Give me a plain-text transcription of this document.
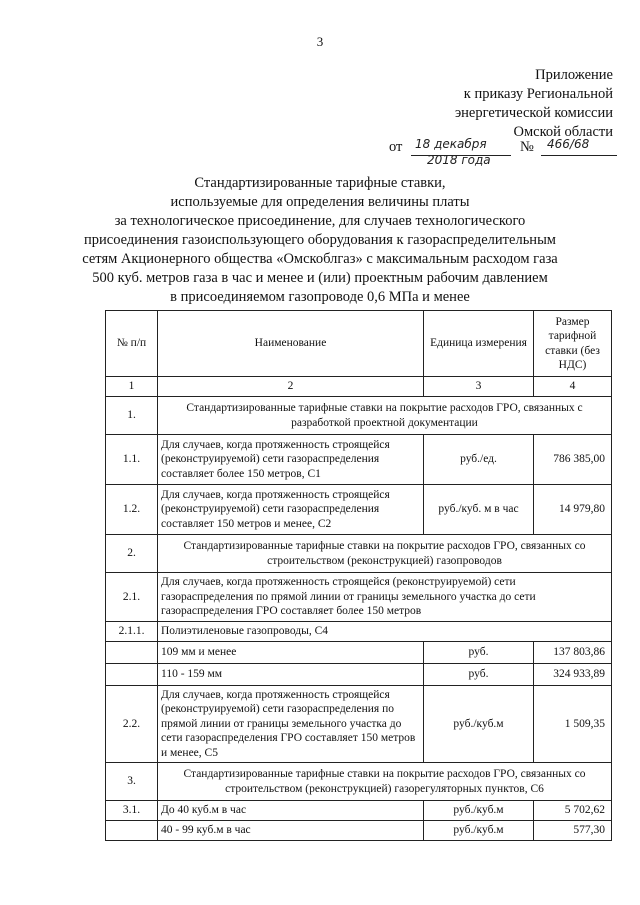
3
Приложение
к приказу Региональной
энергетической комиссии
Омской области
от 18 декабря
2018 года
№ 466/68
Стандартизированные тарифные ставки,
используемые для определения величины платы
за технологическое присоединение, для случаев технологического
присоединения газоиспользующего оборудования к газораспределительным
сетям Акционерного общества «Омскоблгаз» с максимальным расходом газа
500 куб. метров газа в час и менее и (или) проектным рабочим давлением
в присоединяемом газопроводе 0,6 МПа и менее
№ п/п	Наименование	Единица измерения	Размер тарифной ставки (без НДС)
1	2	3	4
1.	Стандартизированные тарифные ставки на покрытие расходов ГРО, связанных с разработкой проектной документации		
1.1.	Для случаев, когда протяженность строящейся (реконструируемой) сети газораспределения составляет более 150 метров, С1	руб./ед.	786 385,00
1.2.	Для случаев, когда протяженность строящейся (реконструируемой) сети газораспределения составляет 150 метров и менее, С2	руб./куб. м в час	14 979,80
2.	Стандартизированные тарифные ставки на покрытие расходов ГРО, связанных со строительством (реконструкцией) газопроводов		
2.1.	Для случаев, когда протяженность строящейся (реконструируемой) сети газораспределения по прямой линии от границы земельного участка до сети газораспределения ГРО составляет более 150 метров		
2.1.1.	Полиэтиленовые газопроводы, С4		
	109 мм и менее	руб.	137 803,86
	110 - 159 мм	руб.	324 933,89
2.2.	Для случаев, когда протяженность строящейся (реконструируемой) сети газораспределения по прямой линии от границы земельного участка до сети газораспределения ГРО составляет 150 метров и менее, С5	руб./куб.м	1 509,35
3.	Стандартизированные тарифные ставки на покрытие расходов ГРО, связанных со строительством (реконструкцией) газорегуляторных пунктов, С6		
3.1.	До 40 куб.м в час	руб./куб.м	5 702,62
	40 - 99 куб.м в час	руб./куб.м	577,30
